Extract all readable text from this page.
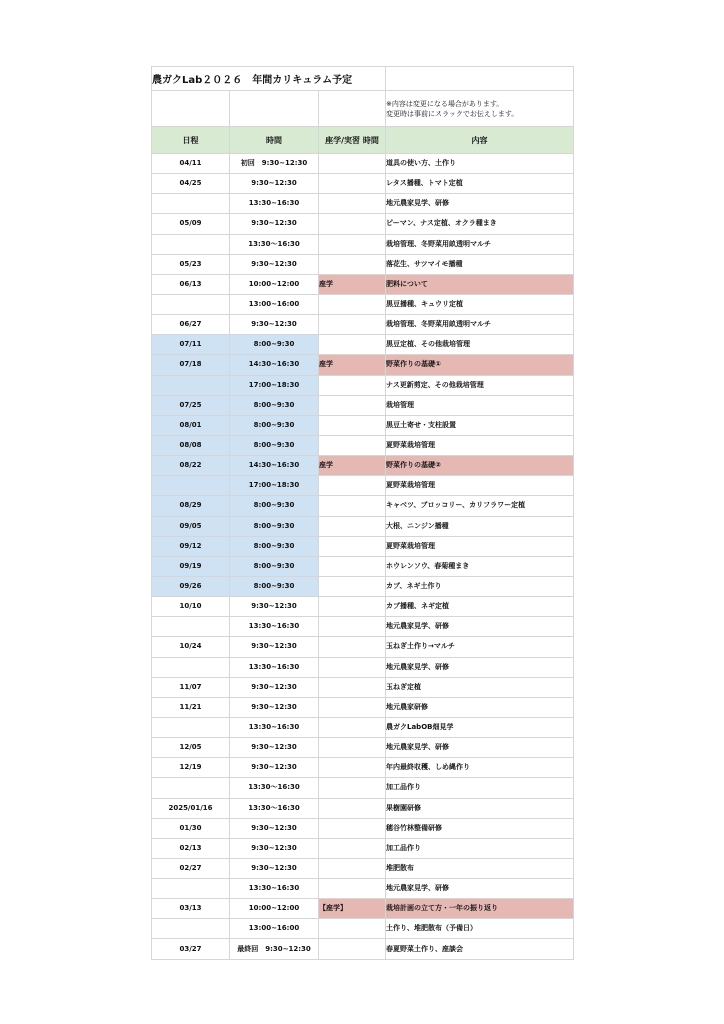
農ガクLab２０２６　年間カリキュラム予定			

			※内容は変更になる場合があります。
変更時は事前にスラックでお伝えします。

日程	時間	座学/実習 時間	内容
04/11	初回　9:30~12:30		道具の使い方、土作り
04/25	9:30~12:30		レタス播種、トマト定植
	13:30~16:30		地元農家見学、研修
05/09	9:30~12:30		ピーマン、ナス定植、オクラ種まき
	13:30〜16:30		栽培管理、冬野菜用畝透明マルチ
05/23	9:30~12:30		落花生、サツマイモ播種
06/13	10:00~12:00	座学	肥料について
	13:00~16:00		黒豆播種、キュウリ定植
06/27	9:30~12:30		栽培管理、冬野菜用畝透明マルチ
07/11	8:00~9:30		黒豆定植、その他栽培管理
07/18	14:30~16:30	座学	野菜作りの基礎①
	17:00~18:30		ナス更新剪定、その他栽培管理
07/25	8:00~9:30		栽培管理
08/01	8:00~9:30		黒豆土寄せ・支柱設置
08/08	8:00~9:30		夏野菜栽培管理
08/22	14:30~16:30	座学	野菜作りの基礎②
	17:00~18:30		夏野菜栽培管理
08/29	8:00~9:30		キャベツ、ブロッコリー、カリフラワー定植
09/05	8:00~9:30		大根、ニンジン播種
09/12	8:00~9:30		夏野菜栽培管理
09/19	8:00~9:30		ホウレンソウ、春菊種まき
09/26	8:00~9:30		カブ、ネギ土作り
10/10	9:30~12:30		カブ播種、ネギ定植
	13:30~16:30		地元農家見学、研修
10/24	9:30~12:30		玉ねぎ土作り→マルチ
	13:30~16:30		地元農家見学、研修
11/07	9:30~12:30		玉ねぎ定植
11/21	9:30~12:30		地元農家研修
	13:30~16:30		農ガクLabOB畑見学
12/05	9:30~12:30		地元農家見学、研修
12/19	9:30~12:30		年内最終収穫、しめ縄作り
	13:30〜16:30		加工品作り
2025/01/16	13:30〜16:30		果樹園研修
01/30	9:30~12:30		穂谷竹林整備研修
02/13	9:30~12:30		加工品作り
02/27	9:30~12:30		堆肥散布
	13:30~16:30		地元農家見学、研修
03/13	10:00~12:00	【座学】	栽培計画の立て方・一年の振り返り
	13:00~16:00		土作り、堆肥散布（予備日）
03/27	最終回　9:30~12:30		春夏野菜土作り、座談会
